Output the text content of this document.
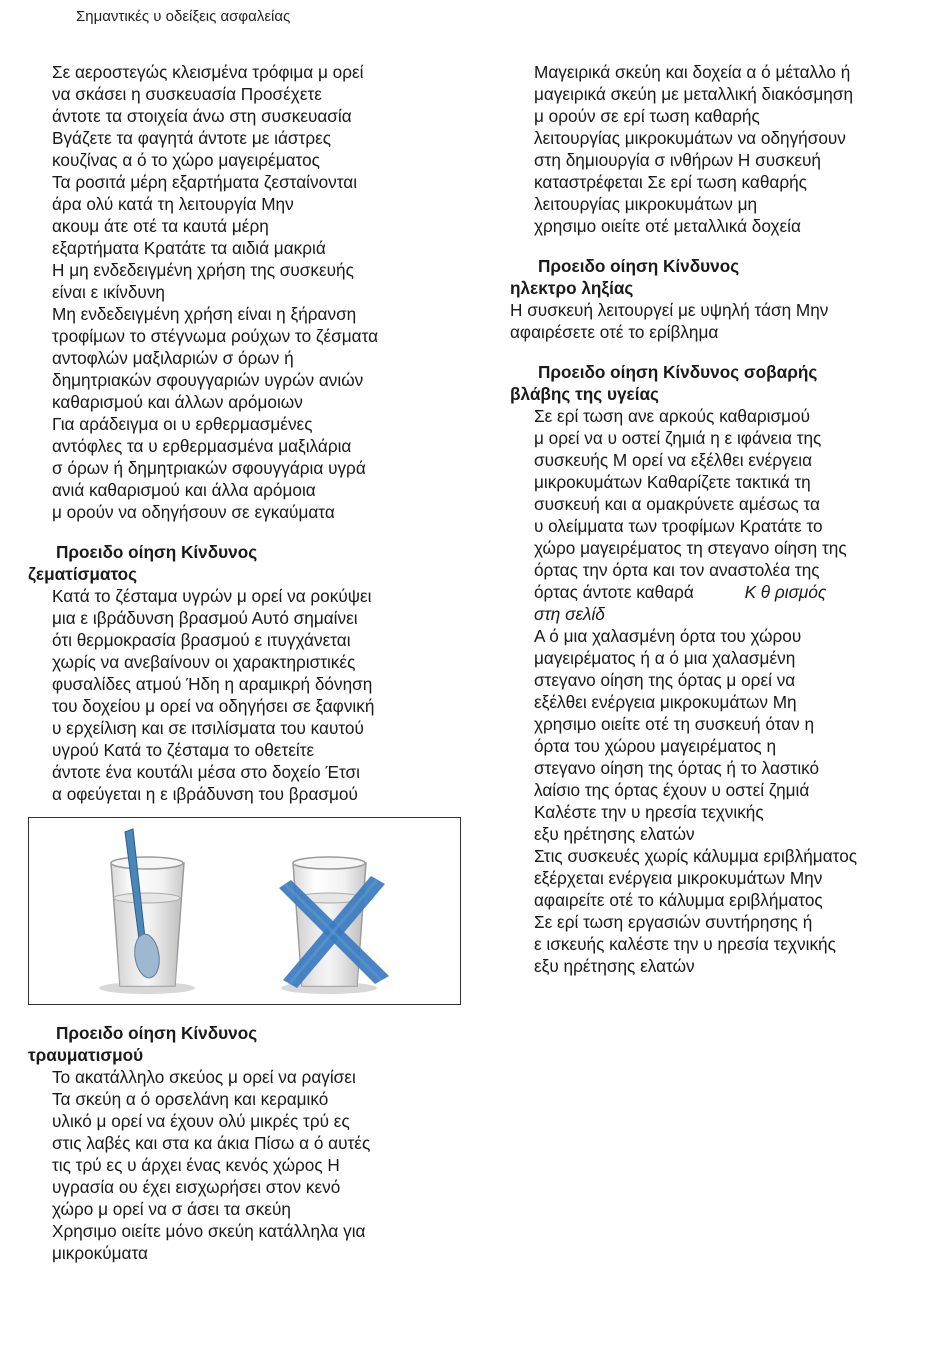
Σημαντικές υ οδείξεις ασφαλείας

Σε αεροστεγώς κλεισμένα τρόφιμα μ ορεί

να σκάσει η συσκευασία Προσέχετε

άντοτε τα στοιχεία άνω στη συσκευασία

Βγάζετε τα φαγητά άντοτε με ιάστρες

κουζίνας α ό το χώρο μαγειρέματος

Τα ροσιτά μέρη εξαρτήματα ζεσταίνονται

άρα ολύ κατά τη λειτουργία Μην

ακουμ άτε οτέ τα καυτά μέρη

εξαρτήματα Κρατάτε τα αιδιά μακριά

Η μη ενδεδειγμένη χρήση της συσκευής

είναι ε ικίνδυνη

Μη ενδεδειγμένη χρήση είναι η ξήρανση

τροφίμων το στέγνωμα ρούχων το ζέσματα

αντοφλών μαξιλαριών σ όρων ή

δημητριακών σφουγγαριών υγρών ανιών

καθαρισμού και άλλων αρόμοιων

Για αράδειγμα οι υ ερθερμασμένες

αντόφλες τα υ ερθερμασμένα μαξιλάρια

σ όρων ή δημητριακών σφουγγάρια υγρά

ανιά καθαρισμού και άλλα αρόμοια

μ ορούν να οδηγήσουν σε εγκαύματα

Προειδο οίηση Κίνδυνος
ζεματίσματος

Κατά το ζέσταμα υγρών μ ορεί να ροκύψει

μια ε ιβράδυνση βρασμού Αυτό σημαίνει

ότι θερμοκρασία βρασμού ε ιτυγχάνεται

χωρίς να ανεβαίνουν οι χαρακτηριστικές

φυσαλίδες ατμού Ήδη η αραμικρή δόνηση

του δοχείου μ ορεί να οδηγήσει σε ξαφνική

υ ερχείλιση και σε ιτσιλίσματα του καυτού

υγρού Κατά το ζέσταμα το οθετείτε

άντοτε ένα κουτάλι μέσα στο δοχείο Έτσι

α οφεύγεται η ε ιβράδυνση του βρασμού

Προειδο οίηση Κίνδυνος
τραυματισμού

Το ακατάλληλο σκεύος μ ορεί να ραγίσει

Τα σκεύη α ό ορσελάνη και κεραμικό

υλικό μ ορεί να έχουν ολύ μικρές τρύ ες

στις λαβές και στα κα άκια Πίσω α ό αυτές

τις τρύ ες υ άρχει ένας κενός χώρος Η

υγρασία ου έχει εισχωρήσει στον κενό

χώρο μ ορεί να σ άσει τα σκεύη

Χρησιμο οιείτε μόνο σκεύη κατάλληλα για

μικροκύματα

Μαγειρικά σκεύη και δοχεία α ό μέταλλο ή

μαγειρικά σκεύη με μεταλλική διακόσμηση

μ ορούν σε ερί τωση καθαρής

λειτουργίας μικροκυμάτων να οδηγήσουν

στη δημιουργία σ ινθήρων Η συσκευή

καταστρέφεται Σε ερί τωση καθαρής

λειτουργίας μικροκυμάτων μη

χρησιμο οιείτε οτέ μεταλλικά δοχεία

Προειδο οίηση Κίνδυνος
ηλεκτρο ληξίας

Η συσκευή λειτουργεί με υψηλή τάση Μην

αφαιρέσετε οτέ το ερίβλημα

Προειδο οίηση Κίνδυνος σοβαρής
βλάβης της υγείας

Σε ερί τωση ανε αρκούς καθαρισμού

μ ορεί να υ οστεί ζημιά η ε ιφάνεια της

συσκευής Μ ορεί να εξέλθει ενέργεια

μικροκυμάτων Καθαρίζετε τακτικά τη

συσκευή και α ομακρύνετε αμέσως τα

υ ολείμματα των τροφίμων Κρατάτε το

χώρο μαγειρέματος τη στεγανο οίηση της

όρτας την όρτα και τον αναστολέα της

όρτας άντοτε καθαρά	Κ θ ρισμός

στη σελίδ

Α ό μια χαλασμένη όρτα του χώρου

μαγειρέματος ή α ό μια χαλασμένη

στεγανο οίηση της όρτας μ ορεί να

εξέλθει ενέργεια μικροκυμάτων Μη

χρησιμο οιείτε οτέ τη συσκευή όταν η

όρτα του χώρου μαγειρέματος η

στεγανο οίηση της όρτας ή το λαστικό

λαίσιο της όρτας έχουν υ οστεί ζημιά

Καλέστε την υ ηρεσία τεχνικής

εξυ ηρέτησης ελατών

Στις συσκευές χωρίς κάλυμμα εριβλήματος

εξέρχεται ενέργεια μικροκυμάτων Μην

αφαιρείτε οτέ το κάλυμμα εριβλήματος

Σε ερί τωση εργασιών συντήρησης ή

ε ισκευής καλέστε την υ ηρεσία τεχνικής

εξυ ηρέτησης ελατών
